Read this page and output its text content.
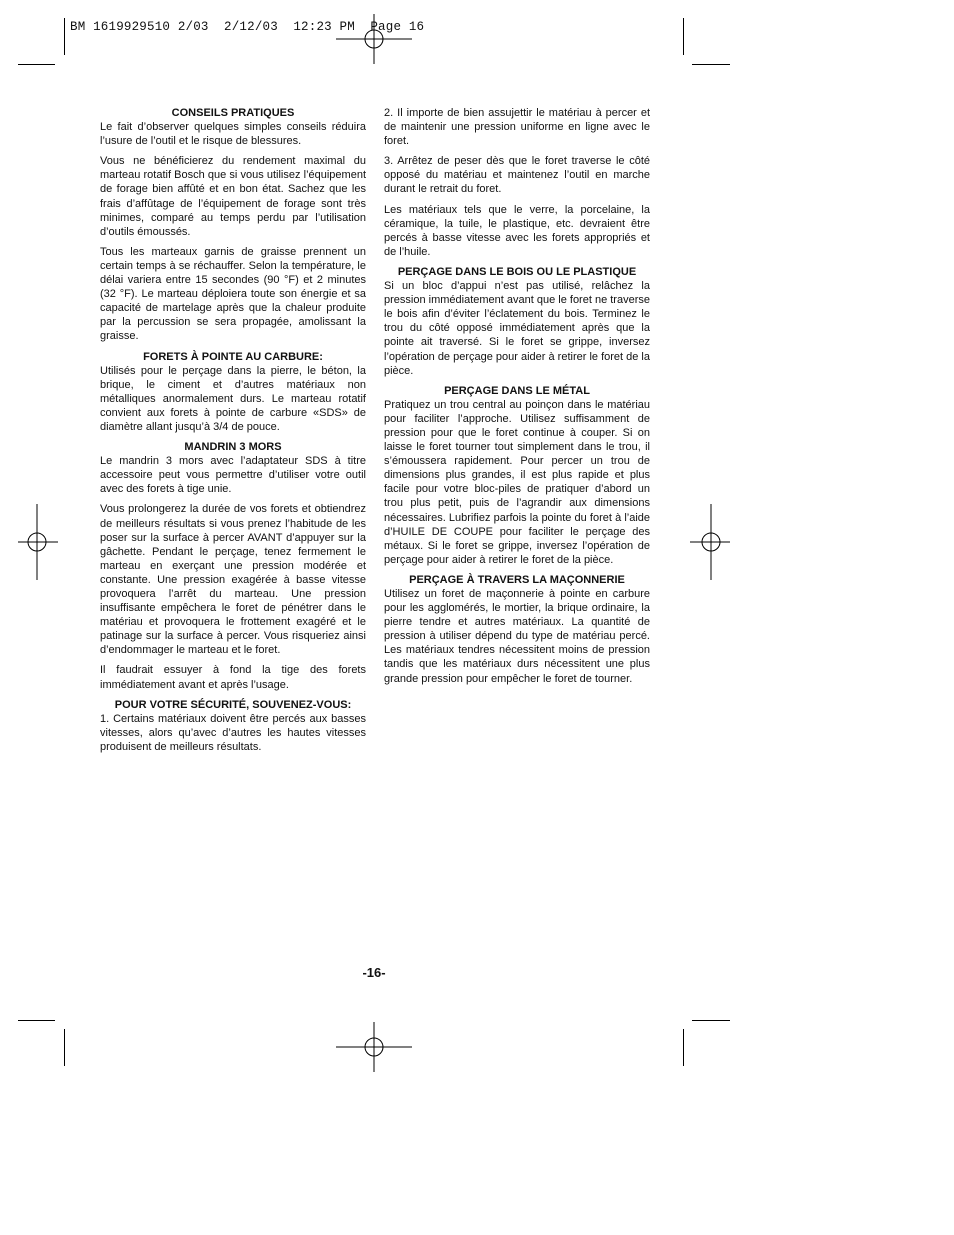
BM 1619929510 2/03  2/12/03  12:23 PM  Page 16
CONSEILS PRATIQUES

Le fait d’observer quelques simples conseils réduira l’usure de l’outil et le risque de blessures.

Vous ne bénéficierez du rendement maximal du marteau rotatif Bosch que si vous utilisez l’équipement de forage bien affûté et en bon état. Sachez que les frais d’affûtage de l’équipement de forage sont très minimes, comparé au temps perdu par l’utilisation d’outils émoussés.

Tous les marteaux garnis de graisse prennent un certain temps à se réchauffer. Selon la température, le délai variera entre 15 secondes (90 °F) et 2 minutes (32 °F). Le marteau déploiera toute son énergie et sa capacité de martelage après que la chaleur produite par la percussion se sera propagée, amolissant la graisse.

FORETS À POINTE AU CARBURE:

Utilisés pour le perçage dans la pierre, le béton, la brique, le ciment et d’autres matériaux non métalliques anormalement durs. Le marteau rotatif convient aux forets à pointe de carbure «SDS» de diamètre allant jusqu’à 3/4 de pouce.

MANDRIN 3 MORS

Le mandrin 3 mors avec l’adaptateur SDS à titre accessoire peut vous permettre d’utiliser votre outil avec des forets à tige unie.

Vous prolongerez la durée de vos forets et obtiendrez de meilleurs résultats si vous prenez l’habitude de les poser sur la surface à percer AVANT d’appuyer sur la gâchette. Pendant le perçage, tenez fermement le marteau en exerçant une pression modérée et constante. Une pression exagérée à basse vitesse provoquera l’arrêt du marteau. Une pression insuffisante empêchera le foret de pénétrer dans le matériau et provoquera le frottement exagéré et le patinage sur la surface à percer. Vous risqueriez ainsi d’endommager le marteau et le foret.

Il faudrait essuyer à fond la tige des forets immédiatement avant et après l’usage.

POUR VOTRE SÉCURITÉ, SOUVENEZ-VOUS:

1. Certains matériaux doivent être percés aux basses vitesses, alors qu’avec d’autres les hautes vitesses produisent de meilleurs résultats.

2. Il importe de bien assujettir le matériau à percer et de maintenir une pression uniforme en ligne avec le foret.

3. Arrêtez de peser dès que le foret traverse le côté opposé du matériau et maintenez l’outil en marche durant le retrait du foret.

Les matériaux tels que le verre, la porcelaine, la céramique, la tuile, le plastique, etc. devraient être percés à basse vitesse avec les forets appropriés et de l’huile.

PERÇAGE DANS LE BOIS OU LE PLASTIQUE

Si un bloc d’appui n’est pas utilisé, relâchez la pression immédiatement avant que le foret ne traverse le bois afin d’éviter l’éclatement du bois. Terminez le trou du côté opposé immédiatement après que la pointe ait traversé. Si le foret se grippe, inversez l’opération de perçage pour aider à retirer le foret de la pièce.

PERÇAGE DANS LE MÉTAL

Pratiquez un trou central au poinçon dans le matériau pour faciliter l’approche. Utilisez suffisamment de pression pour que le foret continue à couper. Si on laisse le foret tourner tout simplement dans le trou, il s’émoussera rapidement. Pour percer un trou de dimensions plus grandes, il est plus rapide et plus facile pour votre bloc-piles de pratiquer d’abord un trou plus petit, puis de l’agrandir aux dimensions nécessaires. Lubrifiez parfois la pointe du foret à l’aide d’HUILE DE COUPE pour faciliter le perçage des métaux. Si le foret se grippe, inversez l’opération de perçage pour aider à retirer le foret de la pièce.

PERÇAGE À TRAVERS LA MAÇONNERIE

Utilisez un foret de maçonnerie à pointe en carbure pour les agglomérés, le mortier, la brique ordinaire, la pierre tendre et autres matériaux. La quantité de pression à utiliser dépend du type de matériau percé. Les matériaux tendres nécessitent moins de pression tandis que les matériaux durs nécessitent une plus grande pression pour empêcher le foret de tourner.

-16-
